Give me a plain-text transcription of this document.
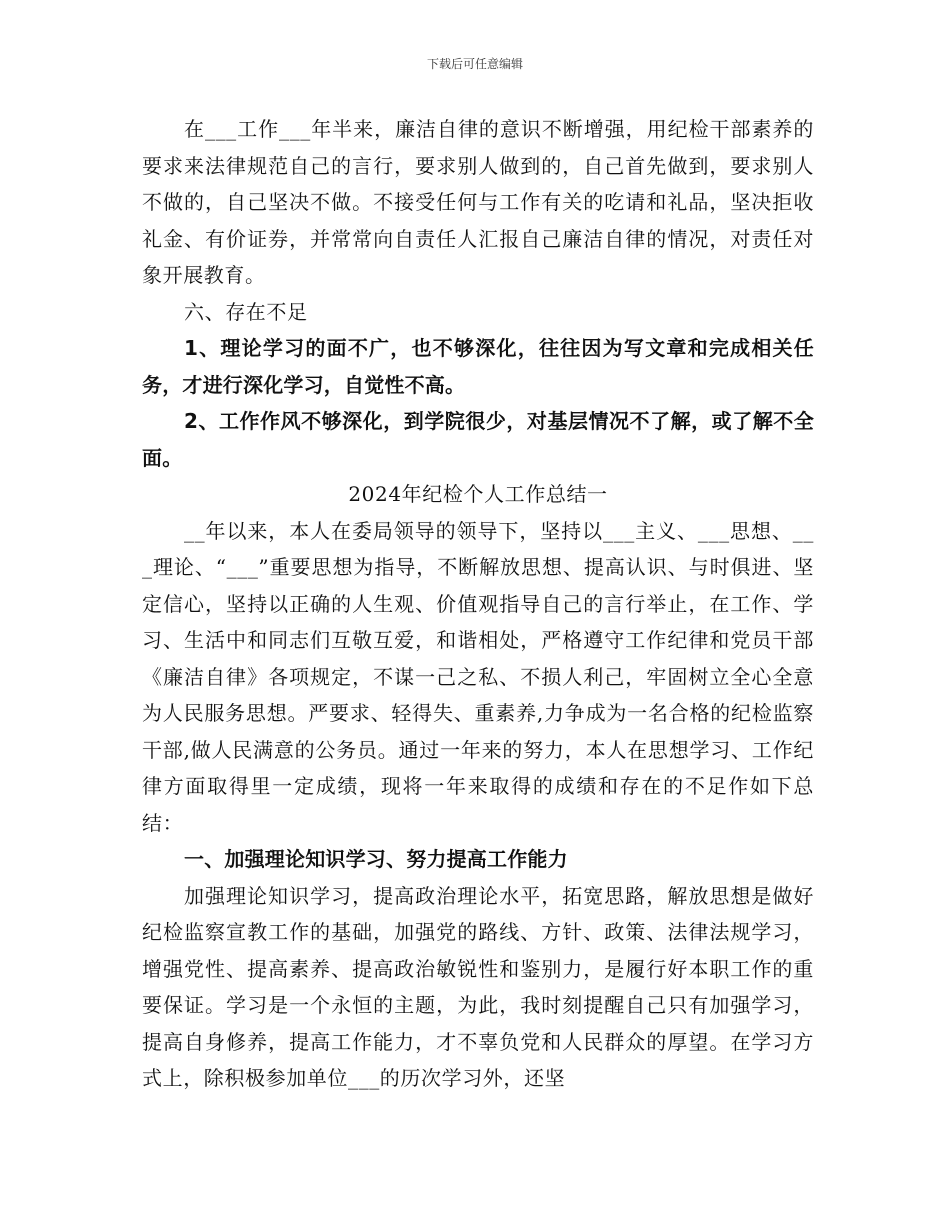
下载后可任意编辑

在___工作___年半来，廉洁自律的意识不断增强，用纪检干部素养的要求来法律规范自己的言行，要求别人做到的，自己首先做到，要求别人不做的，自己坚决不做。不接受任何与工作有关的吃请和礼品，坚决拒收礼金、有价证券，并常常向自责任人汇报自己廉洁自律的情况，对责任对象开展教育。

六、存在不足

1、理论学习的面不广，也不够深化，往往因为写文章和完成相关任务，才进行深化学习，自觉性不高。

2、工作作风不够深化，到学院很少，对基层情况不了解，或了解不全面。

2024年纪检个人工作总结一

__年以来，本人在委局领导的领导下，坚持以___主义、___思想、___理论、“___”重要思想为指导，不断解放思想、提高认识、与时俱进、坚定信心，坚持以正确的人生观、价值观指导自己的言行举止，在工作、学习、生活中和同志们互敬互爱，和谐相处，严格遵守工作纪律和党员干部《廉洁自律》各项规定，不谋一己之私、不损人利己，牢固树立全心全意为人民服务思想。严要求、轻得失、重素养,力争成为一名合格的纪检监察干部,做人民满意的公务员。通过一年来的努力，本人在思想学习、工作纪律方面取得里一定成绩，现将一年来取得的成绩和存在的不足作如下总结：

一、加强理论知识学习、努力提高工作能力

加强理论知识学习，提高政治理论水平，拓宽思路，解放思想是做好纪检监察宣教工作的基础，加强党的路线、方针、政策、法律法规学习，增强党性、提高素养、提高政治敏锐性和鉴别力，是履行好本职工作的重要保证。学习是一个永恒的主题，为此，我时刻提醒自己只有加强学习，提高自身修养，提高工作能力，才不辜负党和人民群众的厚望。在学习方式上，除积极参加单位___的历次学习外，还坚
